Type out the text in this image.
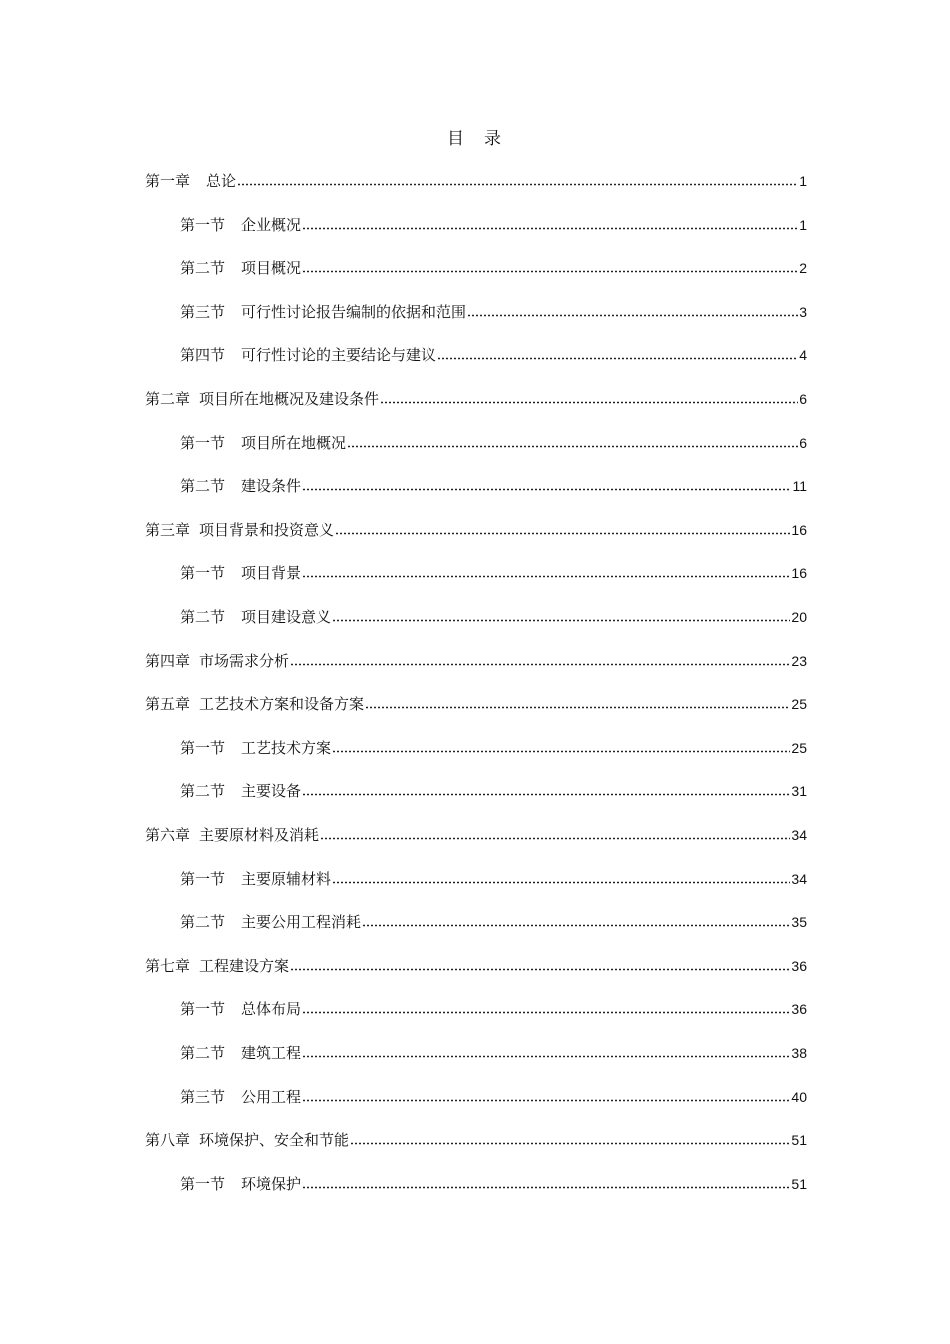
目 录
第一章 总论	1
第一节 企业概况	1
第二节 项目概况	2
第三节 可行性讨论报告编制的依据和范围	3
第四节 可行性讨论的主要结论与建议	4
第二章 项目所在地概况及建设条件	6
第一节 项目所在地概况	6
第二节 建设条件	11
第三章 项目背景和投资意义	16
第一节 项目背景	16
第二节 项目建设意义	20
第四章 市场需求分析	23
第五章 工艺技术方案和设备方案	25
第一节 工艺技术方案	25
第二节 主要设备	31
第六章 主要原材料及消耗	34
第一节 主要原辅材料	34
第二节 主要公用工程消耗	35
第七章 工程建设方案	36
第一节 总体布局	36
第二节 建筑工程	38
第三节 公用工程	40
第八章 环境保护、安全和节能	51
第一节 环境保护	51
